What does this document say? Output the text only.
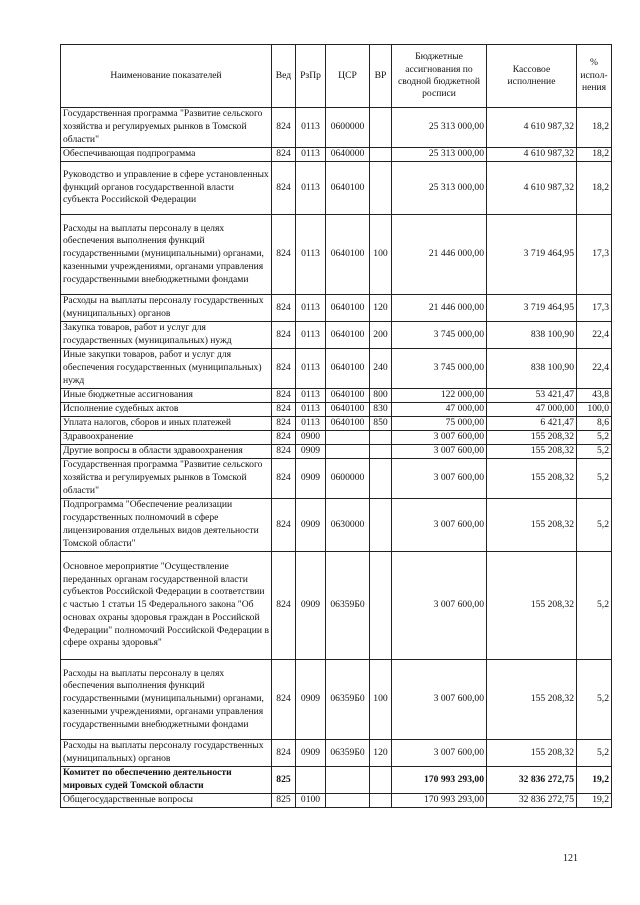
Наименование показателей	Вед	РзПр	ЦСР	ВР	Бюджетные ассигнования по сводной бюджетной росписи	Кассовое исполнение	% испол-нения
Государственная программа "Развитие сельского хозяйства и регулируемых рынков в Томской области"	824	0113	0600000		25 313 000,00	4 610 987,32	18,2
Обеспечивающая подпрограмма	824	0113	0640000		25 313 000,00	4 610 987,32	18,2
Руководство и управление в сфере установленных функций органов государственной власти субъекта Российской Федерации	824	0113	0640100		25 313 000,00	4 610 987,32	18,2
Расходы на выплаты персоналу в целях обеспечения выполнения функций государственными (муниципальными) органами, казенными учреждениями, органами управления государственными внебюджетными фондами	824	0113	0640100	100	21 446 000,00	3 719 464,95	17,3
Расходы на выплаты персоналу государственных (муниципальных) органов	824	0113	0640100	120	21 446 000,00	3 719 464,95	17,3
Закупка товаров, работ и услуг для государственных (муниципальных) нужд	824	0113	0640100	200	3 745 000,00	838 100,90	22,4
Иные закупки товаров, работ и услуг для обеспечения государственных (муниципальных) нужд	824	0113	0640100	240	3 745 000,00	838 100,90	22,4
Иные бюджетные ассигнования	824	0113	0640100	800	122 000,00	53 421,47	43,8
Исполнение судебных актов	824	0113	0640100	830	47 000,00	47 000,00	100,0
Уплата налогов, сборов и иных платежей	824	0113	0640100	850	75 000,00	6 421,47	8,6
Здравоохранение	824	0900			3 007 600,00	155 208,32	5,2
Другие вопросы в области здравоохранения	824	0909			3 007 600,00	155 208,32	5,2
Государственная программа "Развитие сельского хозяйства и регулируемых рынков в Томской области"	824	0909	0600000		3 007 600,00	155 208,32	5,2
Подпрограмма "Обеспечение реализации государственных полномочий в сфере лицензирования отдельных видов деятельности Томской области"	824	0909	0630000		3 007 600,00	155 208,32	5,2
Основное мероприятие "Осуществление переданных органам государственной власти субъектов Российской Федерации в соответствии с частью 1 статьи 15 Федерального закона "Об основах охраны здоровья граждан в Российской Федерации" полномочий Российской Федерации в сфере охраны здоровья"	824	0909	06359Б0		3 007 600,00	155 208,32	5,2
Расходы на выплаты персоналу в целях обеспечения выполнения функций государственными (муниципальными) органами, казенными учреждениями, органами управления государственными внебюджетными фондами	824	0909	06359Б0	100	3 007 600,00	155 208,32	5,2
Расходы на выплаты персоналу государственных (муниципальных) органов	824	0909	06359Б0	120	3 007 600,00	155 208,32	5,2
Комитет по обеспечению деятельности мировых судей Томской области	825				170 993 293,00	32 836 272,75	19,2
Общегосударственные вопросы	825	0100			170 993 293,00	32 836 272,75	19,2
121
